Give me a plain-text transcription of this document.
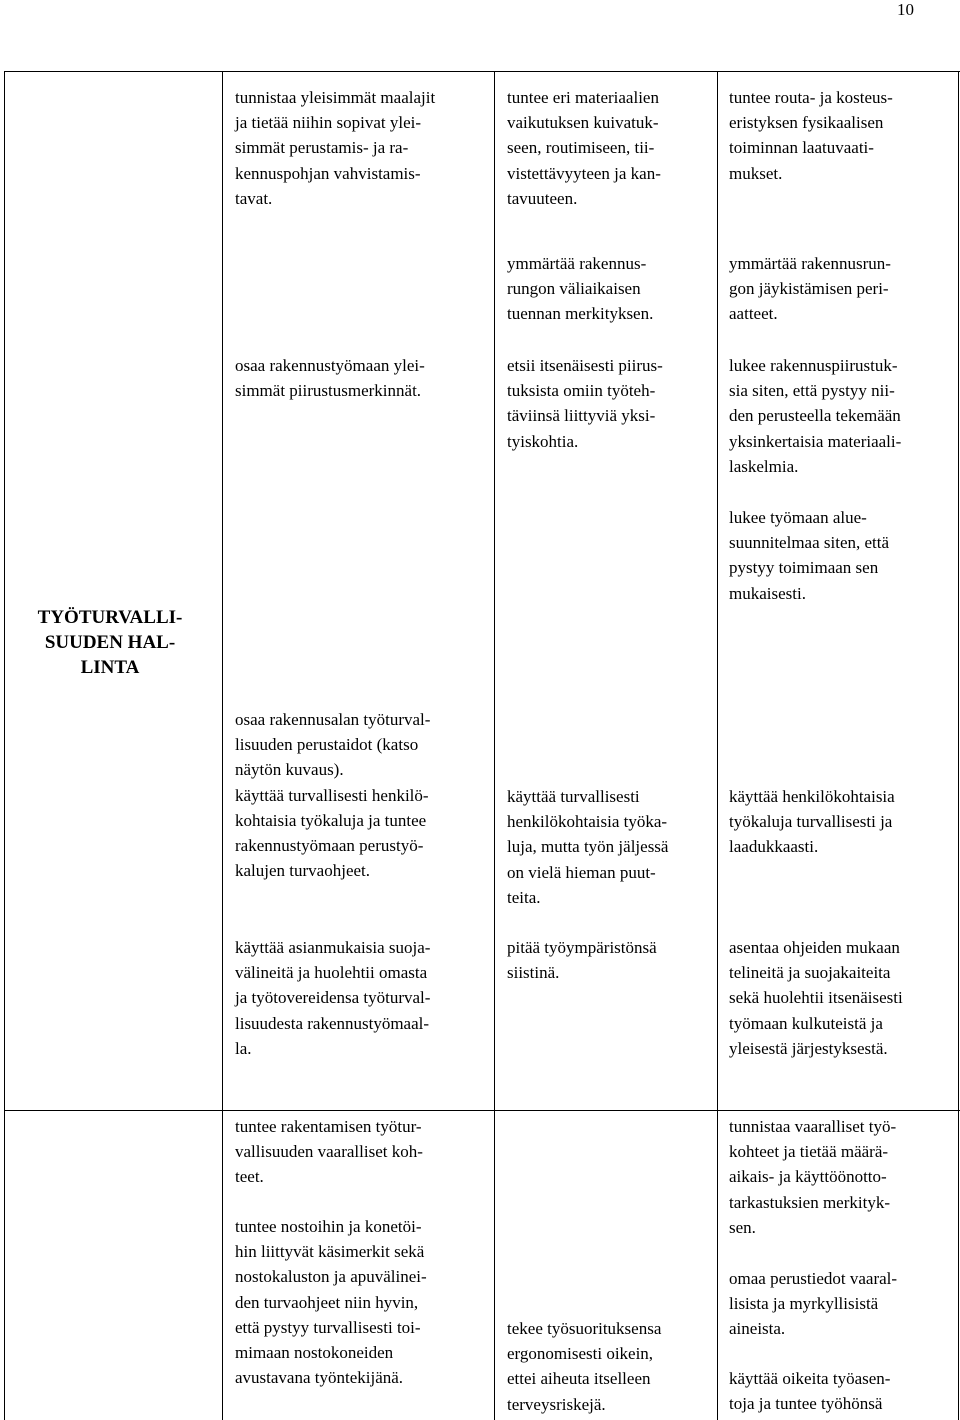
10
TYÖTURVALLI-
SUUDEN HAL-
LINTA

tunnistaa yleisimmät maalajit
ja tietää niihin sopivat ylei-
simmät perustamis- ja ra-
kennuspohjan vahvistamis-
tavat.

tuntee eri materiaalien
vaikutuksen kuivatuk-
seen, routimiseen, tii-
vistettävyyteen ja kan-
tavuuteen.

tuntee routa- ja kosteus-
eristyksen fysikaalisen
toiminnan laatuvaati-
mukset.

ymmärtää rakennus-
rungon väliaikaisen
tuennan merkityksen.

ymmärtää rakennusrun-
gon jäykistämisen peri-
aatteet.

osaa rakennustyömaan ylei-
simmät piirustusmerkinnät.

etsii itsenäisesti piirus-
tuksista omiin työteh-
täviinsä liittyviä yksi-
tyiskohtia.

lukee rakennuspiirustuk-
sia siten, että pystyy nii-
den perusteella tekemään
yksinkertaisia materiaali-
laskelmia.

lukee työmaan alue-
suunnitelmaa siten, että
pystyy toimimaan sen
mukaisesti.

osaa rakennusalan työturval-
lisuuden perustaidot (katso
näytön kuvaus).
käyttää turvallisesti henkilö-
kohtaisia työkaluja ja tuntee
rakennustyömaan perustyö-
kalujen turvaohjeet.

käyttää turvallisesti
henkilökohtaisia työka-
luja, mutta työn jäljessä
on vielä hieman puut-
teita.

käyttää henkilökohtaisia
työkaluja turvallisesti ja
laadukkaasti.

käyttää asianmukaisia suoja-
välineitä ja huolehtii omasta
ja työtovereidensa työturval-
lisuudesta rakennustyömaal-
la.

pitää työympäristönsä
siistinä.

asentaa ohjeiden mukaan
telineitä ja suojakaiteita
sekä huolehtii itsenäisesti
työmaan kulkuteistä ja
yleisestä järjestyksestä.

tuntee rakentamisen työtur-
vallisuuden vaaralliset koh-
teet.

tuntee nostoihin ja konetöi-
hin liittyvät käsimerkit sekä
nostokaluston ja apuvälinei-
den turvaohjeet niin hyvin,
että pystyy turvallisesti toi-
mimaan nostokoneiden
avustavana työntekijänä.

tekee työsuorituksensa
ergonomisesti oikein,
ettei aiheuta itselleen
terveysriskejä.

tunnistaa vaaralliset työ-
kohteet ja tietää määrä-
aikais- ja käyttöönotto-
tarkastuksien merkityk-
sen.

omaa perustiedot vaaral-
lisista ja myrkyllisistä
aineista.

käyttää oikeita työasen-
toja ja tuntee työhönsä
